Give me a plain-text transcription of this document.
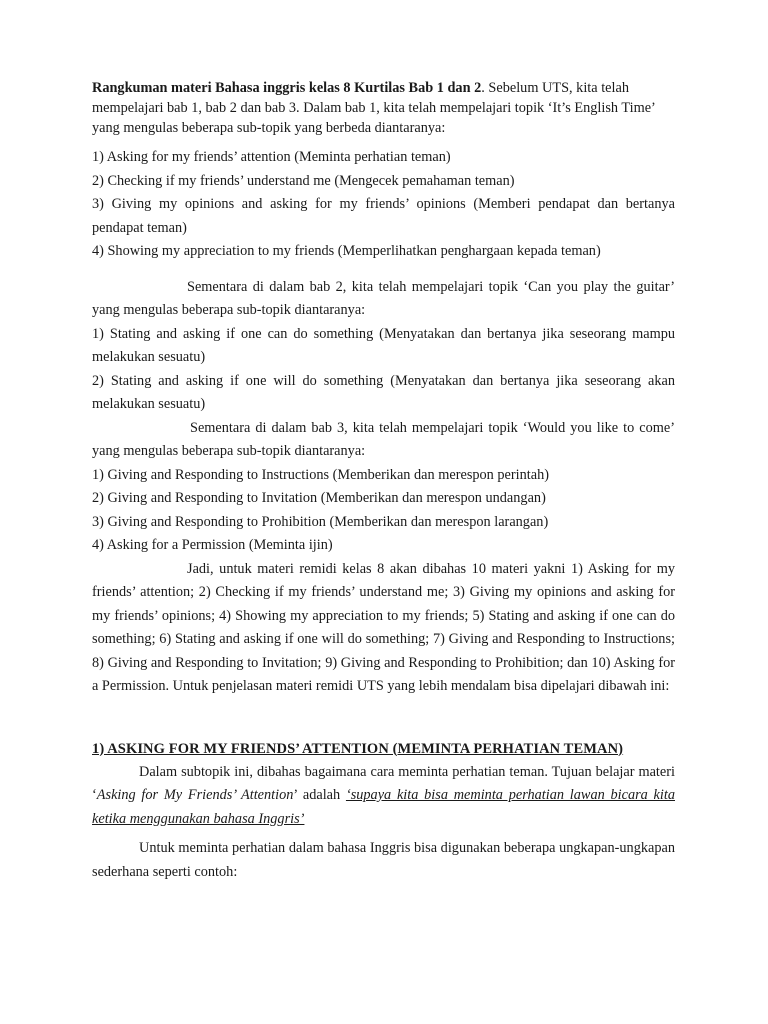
Rangkuman materi Bahasa inggris kelas 8 Kurtilas Bab 1 dan 2. Sebelum UTS, kita telah mempelajari bab 1, bab 2 dan bab 3. Dalam bab 1, kita telah mempelajari topik ‘It’s English Time’ yang mengulas beberapa sub-topik yang berbeda diantaranya:

1) Asking for my friends’ attention (Meminta perhatian teman)

2) Checking if my friends’ understand me (Mengecek pemahaman teman)

3) Giving my opinions and asking for my friends’ opinions (Memberi pendapat dan bertanya pendapat teman)

4) Showing my appreciation to my friends (Memperlihatkan penghargaan kepada teman)

Sementara di dalam bab 2, kita telah mempelajari topik ‘Can you play the guitar’ yang mengulas beberapa sub-topik diantaranya:

1) Stating and asking if one can do something (Menyatakan dan bertanya jika seseorang mampu melakukan sesuatu)

2) Stating and asking if one will do something (Menyatakan dan bertanya jika seseorang akan melakukan sesuatu)

Sementara di dalam bab 3, kita telah mempelajari topik ‘Would you like to come’ yang mengulas beberapa sub-topik diantaranya:

1) Giving and Responding to Instructions (Memberikan dan merespon perintah)

2) Giving and Responding to Invitation (Memberikan dan merespon undangan)

3) Giving and Responding to Prohibition (Memberikan dan merespon larangan)

4) Asking for a Permission (Meminta ijin)

Jadi, untuk materi remidi kelas 8 akan dibahas 10 materi yakni 1) Asking for my friends’ attention; 2) Checking if my friends’ understand me; 3) Giving my opinions and asking for my friends’ opinions; 4) Showing my appreciation to my friends; 5) Stating and asking if one can do something; 6) Stating and asking if one will do something; 7) Giving and Responding to Instructions; 8) Giving and Responding to Invitation; 9) Giving and Responding to Prohibition; dan 10) Asking for a Permission. Untuk penjelasan materi remidi UTS yang lebih mendalam bisa dipelajari dibawah ini:

1) ASKING FOR MY FRIENDS’ ATTENTION (MEMINTA PERHATIAN TEMAN)

Dalam subtopik ini, dibahas bagaimana cara meminta perhatian teman. Tujuan belajar materi ‘Asking for My Friends’ Attention’ adalah ‘supaya kita bisa meminta perhatian lawan bicara kita ketika menggunakan bahasa Inggris’

Untuk meminta perhatian dalam bahasa Inggris bisa digunakan beberapa ungkapan-ungkapan sederhana seperti contoh:
